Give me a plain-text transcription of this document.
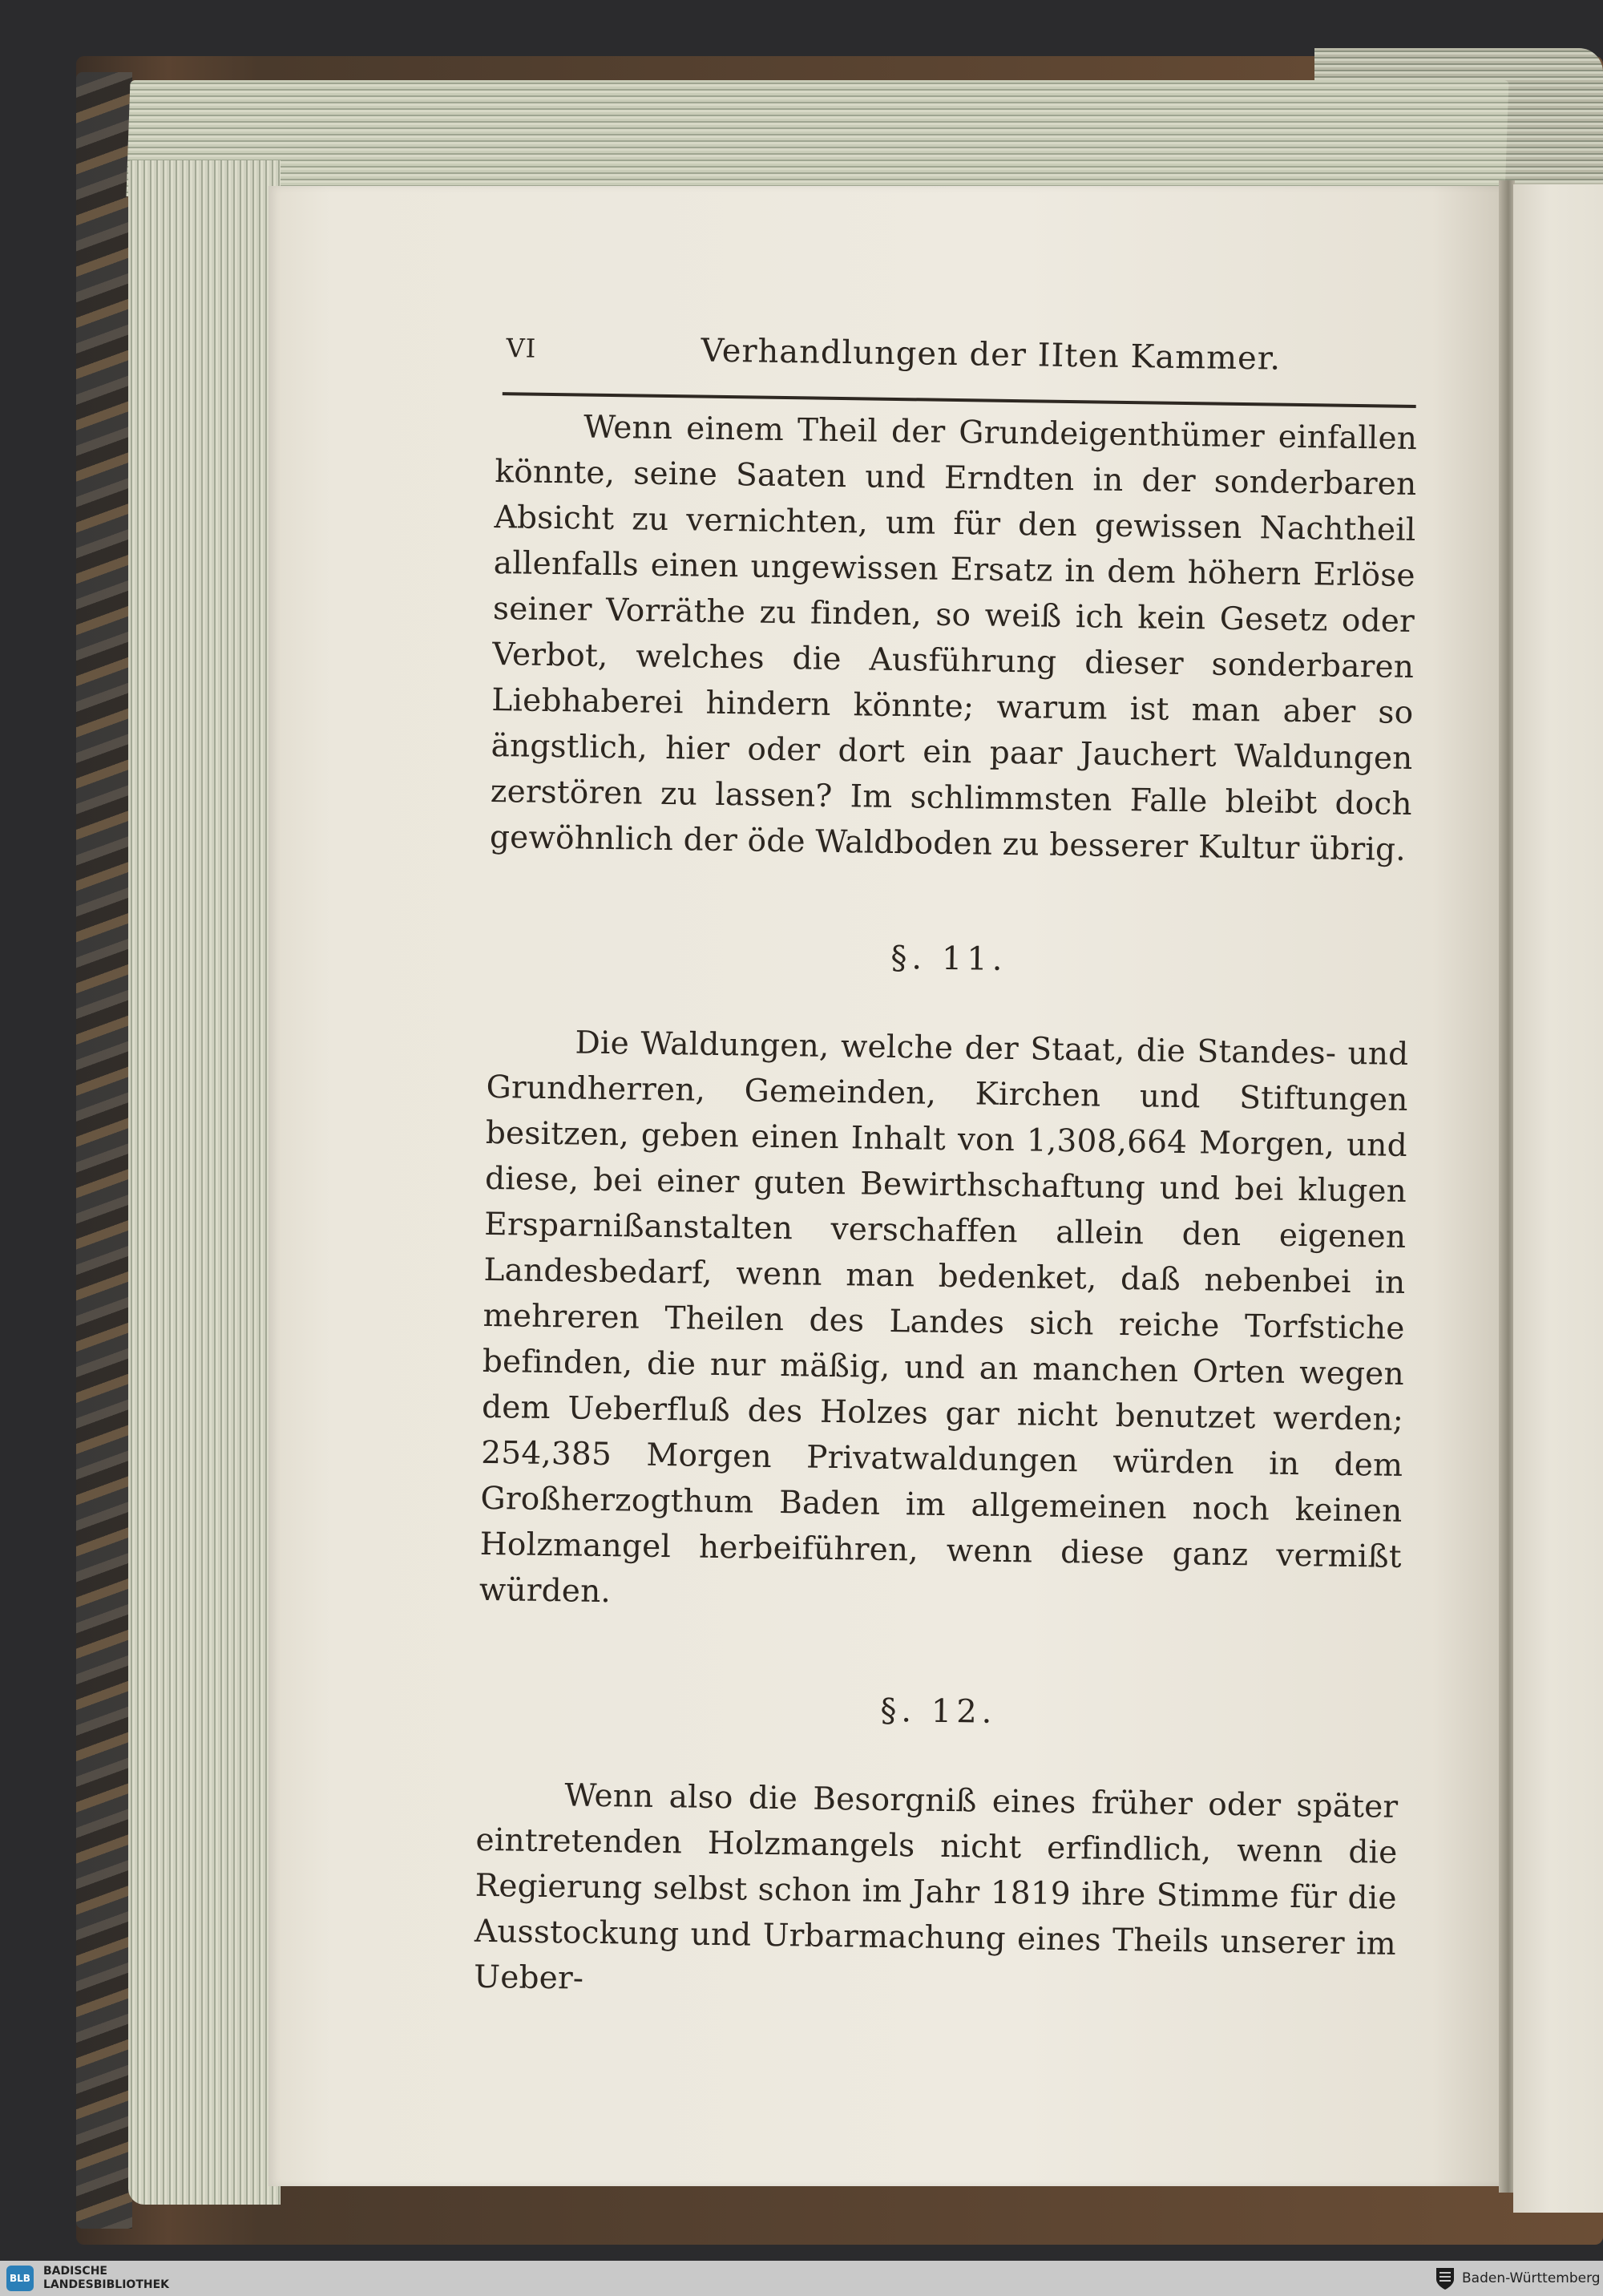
VI	Verhandlungen der IIten Kammer.

Wenn einem Theil der Grundeigenthümer einfallen könnte, seine Saaten und Erndten in der sonderbaren Absicht zu vernichten, um für den gewissen Nachtheil allenfalls einen ungewissen Ersatz in dem höhern Erlöse seiner Vorräthe zu finden, so weiß ich kein Gesetz oder Verbot, welches die Ausführung dieser sonderbaren Liebhaberei hindern könnte; warum ist man aber so ängstlich, hier oder dort ein paar Jauchert Waldungen zerstören zu lassen? Im schlimmsten Falle bleibt doch gewöhnlich der öde Waldboden zu besserer Kultur übrig.

§. 11.

Die Waldungen, welche der Staat, die Standes- und Grundherren, Gemeinden, Kirchen und Stiftungen besitzen, geben einen Inhalt von 1,308,664 Morgen, und diese, bei einer guten Bewirthschaftung und bei klugen Ersparnißanstalten verschaffen allein den eigenen Landesbedarf, wenn man bedenket, daß nebenbei in mehreren Theilen des Landes sich reiche Torfstiche befinden, die nur mäßig, und an manchen Orten wegen dem Ueberfluß des Holzes gar nicht benutzet werden; 254,385 Morgen Privatwaldungen würden in dem Großherzogthum Baden im allgemeinen noch keinen Holzmangel herbeiführen, wenn diese ganz vermißt würden.

§. 12.

Wenn also die Besorgniß eines früher oder später eintretenden Holzmangels nicht erfindlich, wenn die Regierung selbst schon im Jahr 1819 ihre Stimme für die Ausstockung und Urbarmachung eines Theils unserer im Ueber-

BLB
BADISCHE
LANDESBIBLIOTHEK	Baden-Württemberg
